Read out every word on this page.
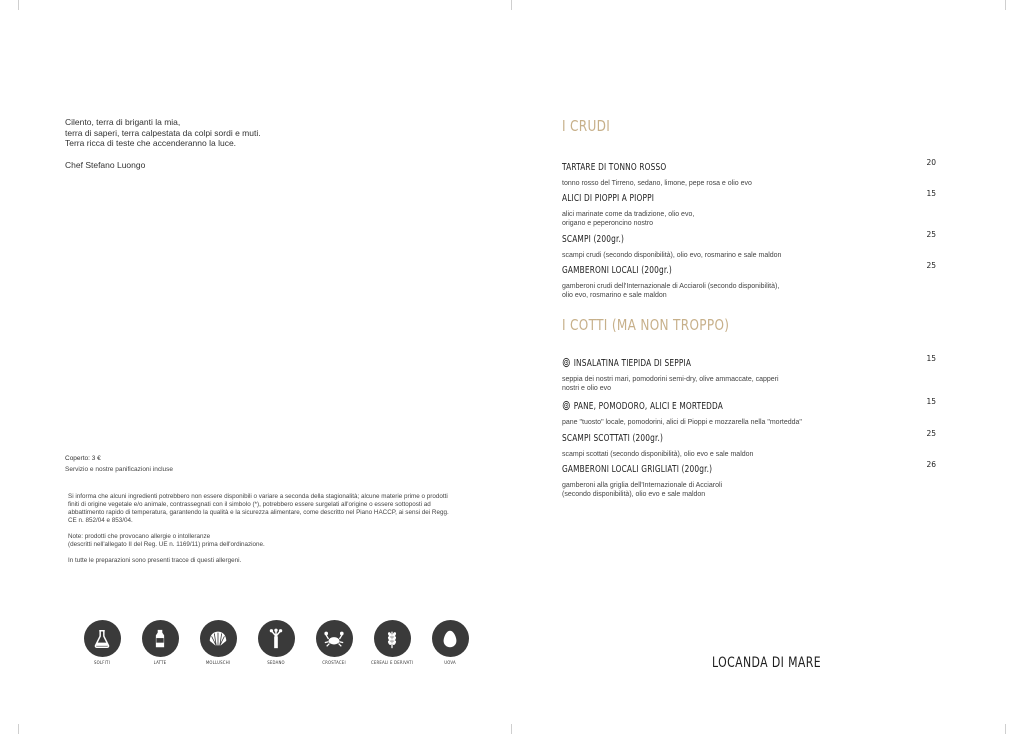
Cilento, terra di briganti la mia,
terra di saperi, terra calpestata da colpi sordi e muti.
Terra ricca di teste che accenderanno la luce.
Chef Stefano Luongo
Coperto: 3 €
Servizio e nostre panificazioni incluse
Si informa che alcuni ingredienti potrebbero non essere disponibili o variare a seconda della stagionalità; alcune materie prime o prodotti finiti di origine vegetale e/o animale, contrassegnati con il simbolo (*), potrebbero essere surgelati all'origine o essere sottoposti ad abbattimento rapido di temperatura, garantendo la qualità e la sicurezza alimentare, come descritto nel Piano HACCP, ai sensi dei Regg. CE n. 852/04 e 853/04.
Note: prodotti che provocano allergie o intolleranze
(descritti nell'allegato II del Reg. UE n. 1169/11) prima dell'ordinazione.
In tutte le preparazioni sono presenti tracce di questi allergeni.
SOLFITI	LATTE	MOLLUSCHI	SEDANO	CROSTACEI	CEREALI E DERIVATI	UOVA
I CRUDI
TARTARE DI TONNO ROSSO	20
tonno rosso del Tirreno, sedano, limone, pepe rosa e olio evo
ALICI DI PIOPPI A PIOPPI	15
alici marinate come da tradizione, olio evo,
origano e peperoncino nostro
SCAMPI (200gr.)	25
scampi crudi (secondo disponibilità), olio evo, rosmarino e sale maldon
GAMBERONI LOCALI (200gr.)	25
gamberoni crudi dell'Internazionale di Acciaroli (secondo disponibilità),
olio evo, rosmarino e sale maldon
I COTTI (MA NON TROPPO)
INSALATINA TIEPIDA DI SEPPIA	15
seppia dei nostri mari, pomodorini semi-dry, olive ammaccate, capperi
nostri e olio evo
PANE, POMODORO, ALICI E MORTEDDA	15
pane "tuosto" locale, pomodorini, alici di Pioppi e mozzarella nella "mortedda"
SCAMPI SCOTTATI (200gr.)	25
scampi scottati (secondo disponibilità), olio evo e sale maldon
GAMBERONI LOCALI GRIGLIATI (200gr.)	26
gamberoni alla griglia dell'Internazionale di Acciaroli
(secondo disponibilità), olio evo e sale maldon
LOCANDA DI MARE
